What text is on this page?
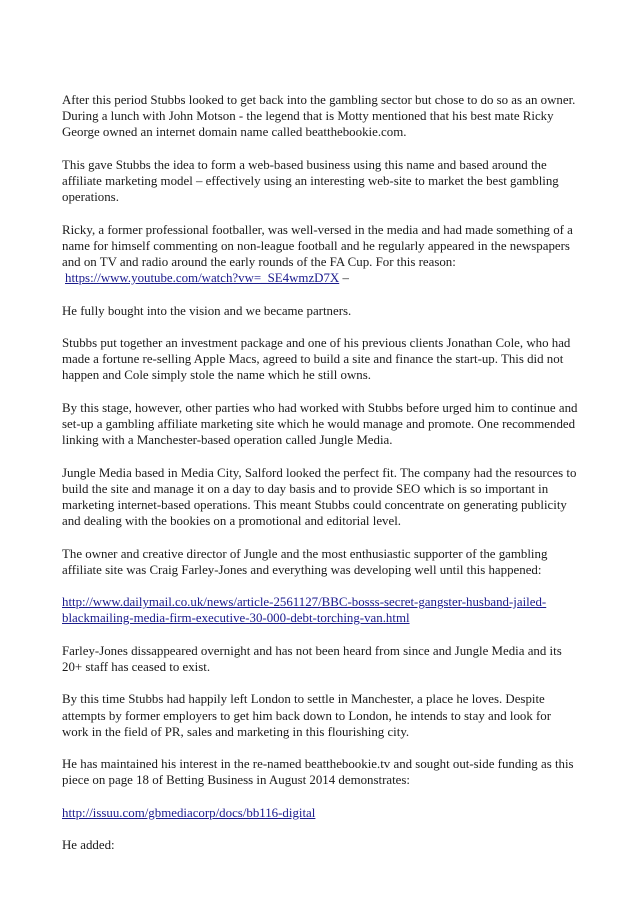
After this period Stubbs looked to get back into the gambling sector but chose to do so as an owner.
During a lunch with John Motson - the legend that is Motty mentioned that his best mate Ricky
George owned an internet domain name called beatthebookie.com.

This gave Stubbs the idea to form a web-based business using this name and based around the
affiliate marketing model – effectively using an interesting web-site to market the best gambling
operations.

Ricky, a former professional footballer, was well-versed in the media and had made something of a
name for himself commenting on non-league football and he regularly appeared in the newspapers
and on TV and radio around the early rounds of the FA Cup. For this reason:
https://www.youtube.com/watch?vw=_SE4wmzD7X –

He fully bought into the vision and we became partners.

Stubbs put together an investment package and one of his previous clients Jonathan Cole, who had
made a fortune re-selling Apple Macs, agreed to build a site and finance the start-up. This did not
happen and Cole simply stole the name which he still owns.

By this stage, however, other parties who had worked with Stubbs before urged him to continue and
set-up a gambling affiliate marketing site which he would manage and promote. One recommended
linking with a Manchester-based operation called Jungle Media.

Jungle Media based in Media City, Salford looked the perfect fit. The company had the resources to
build the site and manage it on a day to day basis and to provide SEO which is so important in
marketing internet-based operations. This meant Stubbs could concentrate on generating publicity
and dealing with the bookies on a promotional and editorial level.

The owner and creative director of Jungle and the most enthusiastic supporter of the gambling
affiliate site was Craig Farley-Jones and everything was developing well until this happened:

http://www.dailymail.co.uk/news/article-2561127/BBC-bosss-secret-gangster-husband-jailed-
blackmailing-media-firm-executive-30-000-debt-torching-van.html

Farley-Jones dissappeared overnight and has not been heard from since and Jungle Media and its
20+ staff has ceased to exist.

By this time Stubbs had happily left London to settle in Manchester, a place he loves. Despite
attempts by former employers to get him back down to London, he intends to stay and look for
work in the field of PR, sales and marketing in this flourishing city.

He has maintained his interest in the re-named beatthebookie.tv and sought out-side funding as this
piece on page 18 of Betting Business in August 2014 demonstrates:

http://issuu.com/gbmediacorp/docs/bb116-digital

He added:
